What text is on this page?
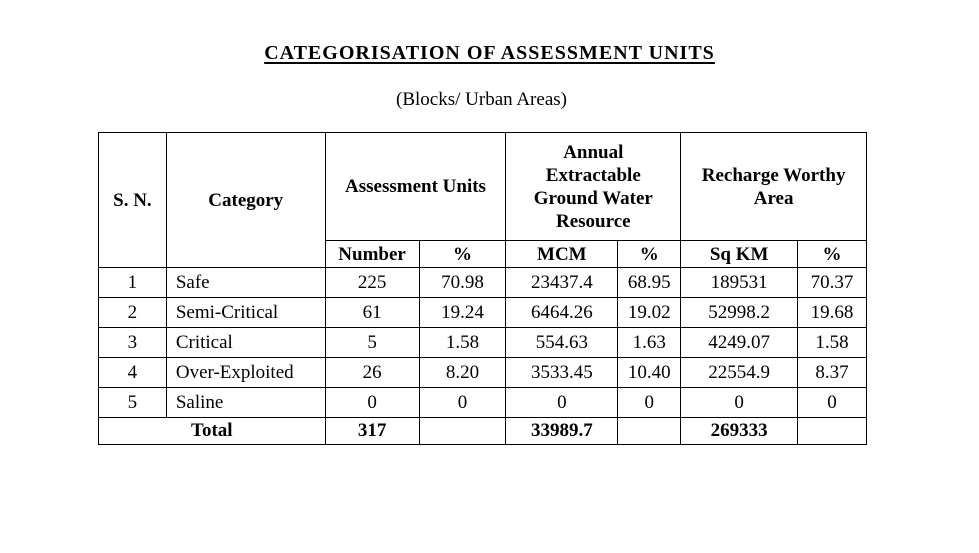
CATEGORISATION OF ASSESSMENT UNITS
(Blocks/ Urban Areas)
S. N.	Category	Assessment Units		Annual Extractable Ground Water Resource		Recharge Worthy Area	
		Number	%	MCM	%	Sq KM	%
1	Safe	225	70.98	23437.4	68.95	189531	70.37
2	Semi-Critical	61	19.24	6464.26	19.02	52998.2	19.68
3	Critical	5	1.58	554.63	1.63	4249.07	1.58
4	Over-Exploited	26	8.20	3533.45	10.40	22554.9	8.37
5	Saline	0	0	0	0	0	0
Total		317		33989.7		269333	
